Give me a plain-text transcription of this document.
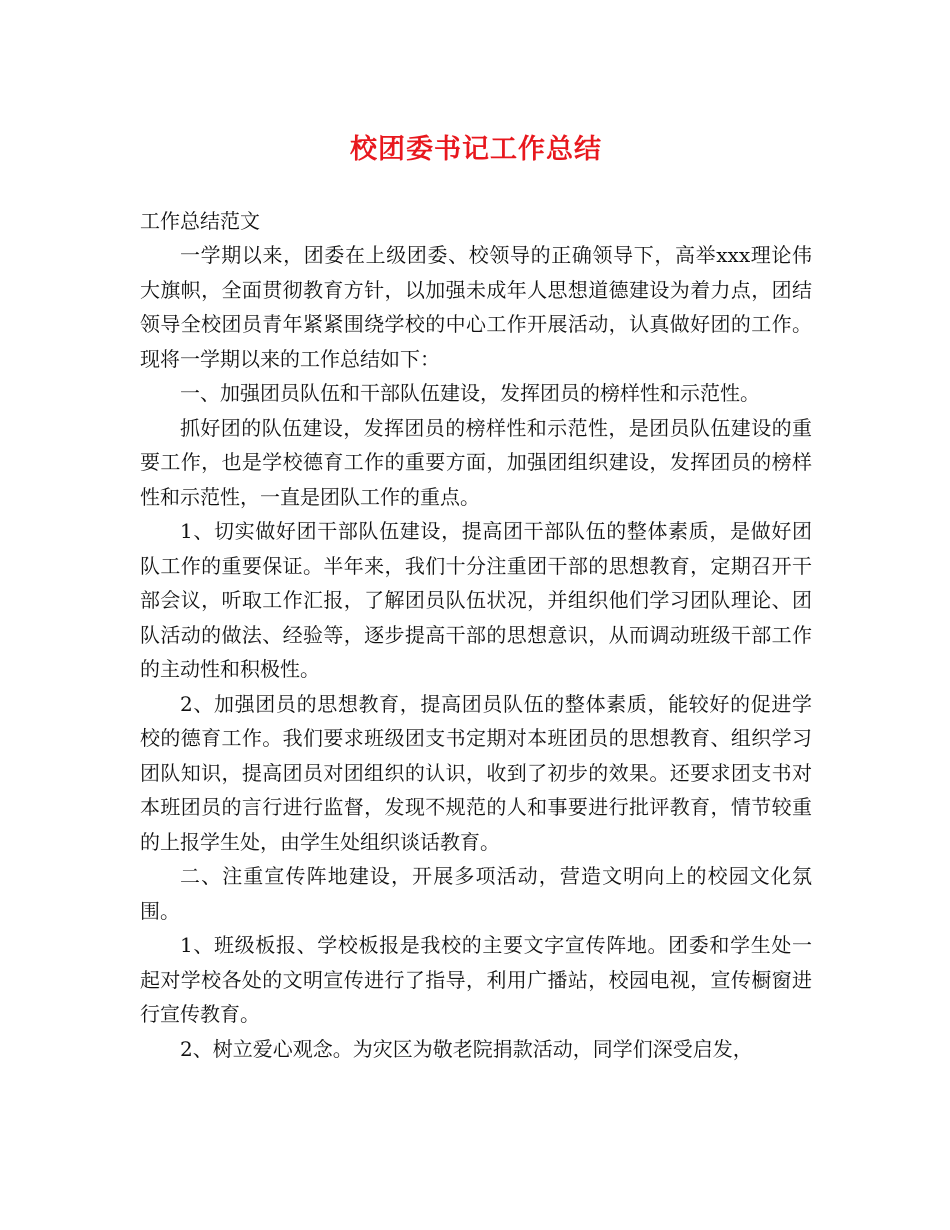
校团委书记工作总结

工作总结范文

一学期以来，团委在上级团委、校领导的正确领导下，高举xxx理论伟大旗帜，全面贯彻教育方针，以加强未成年人思想道德建设为着力点，团结领导全校团员青年紧紧围绕学校的中心工作开展活动，认真做好团的工作。现将一学期以来的工作总结如下：

一、加强团员队伍和干部队伍建设，发挥团员的榜样性和示范性。

抓好团的队伍建设，发挥团员的榜样性和示范性，是团员队伍建设的重要工作，也是学校德育工作的重要方面，加强团组织建设，发挥团员的榜样性和示范性，一直是团队工作的重点。

1、切实做好团干部队伍建设，提高团干部队伍的整体素质，是做好团队工作的重要保证。半年来，我们十分注重团干部的思想教育，定期召开干部会议，听取工作汇报，了解团员队伍状况，并组织他们学习团队理论、团队活动的做法、经验等，逐步提高干部的思想意识，从而调动班级干部工作的主动性和积极性。

2、加强团员的思想教育，提高团员队伍的整体素质，能较好的促进学校的德育工作。我们要求班级团支书定期对本班团员的思想教育、组织学习团队知识，提高团员对团组织的认识，收到了初步的效果。还要求团支书对本班团员的言行进行监督，发现不规范的人和事要进行批评教育，情节较重的上报学生处，由学生处组织谈话教育。

二、注重宣传阵地建设，开展多项活动，营造文明向上的校园文化氛围。

1、班级板报、学校板报是我校的主要文字宣传阵地。团委和学生处一起对学校各处的文明宣传进行了指导，利用广播站，校园电视，宣传橱窗进行宣传教育。

2、树立爱心观念。为灾区为敬老院捐款活动，同学们深受启发，
